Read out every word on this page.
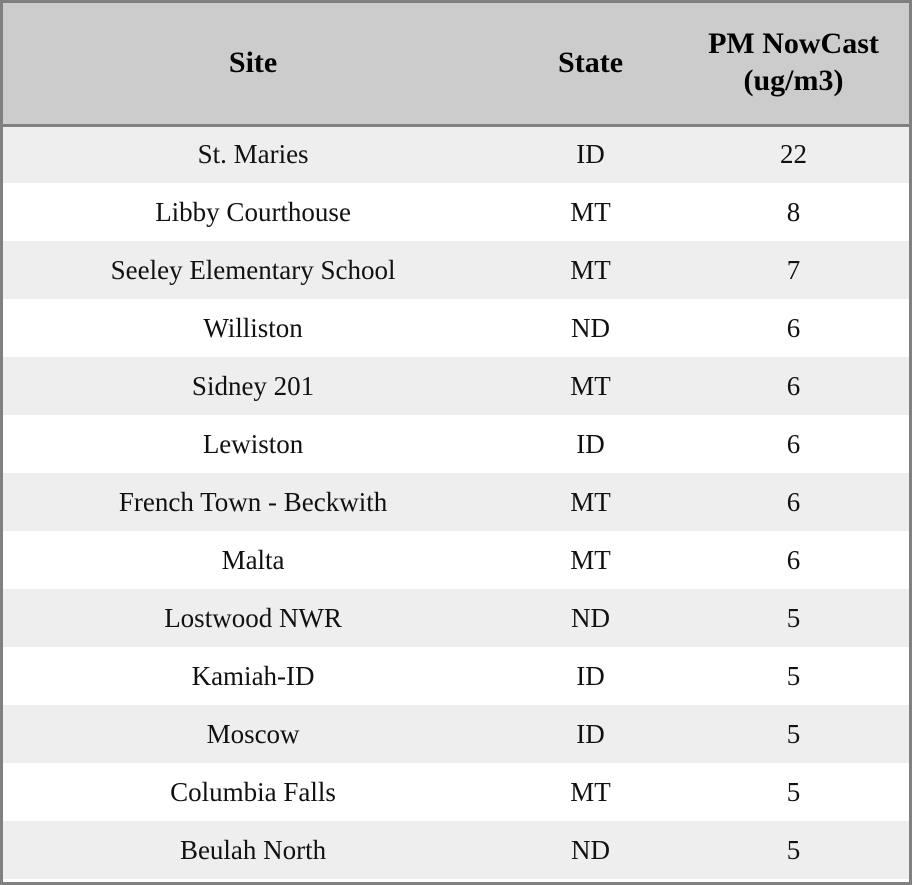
Site	State	PM NowCast (ug/m3)
St. Maries	ID	22
Libby Courthouse	MT	8
Seeley Elementary School	MT	7
Williston	ND	6
Sidney 201	MT	6
Lewiston	ID	6
French Town - Beckwith	MT	6
Malta	MT	6
Lostwood NWR	ND	5
Kamiah-ID	ID	5
Moscow	ID	5
Columbia Falls	MT	5
Beulah North	ND	5
